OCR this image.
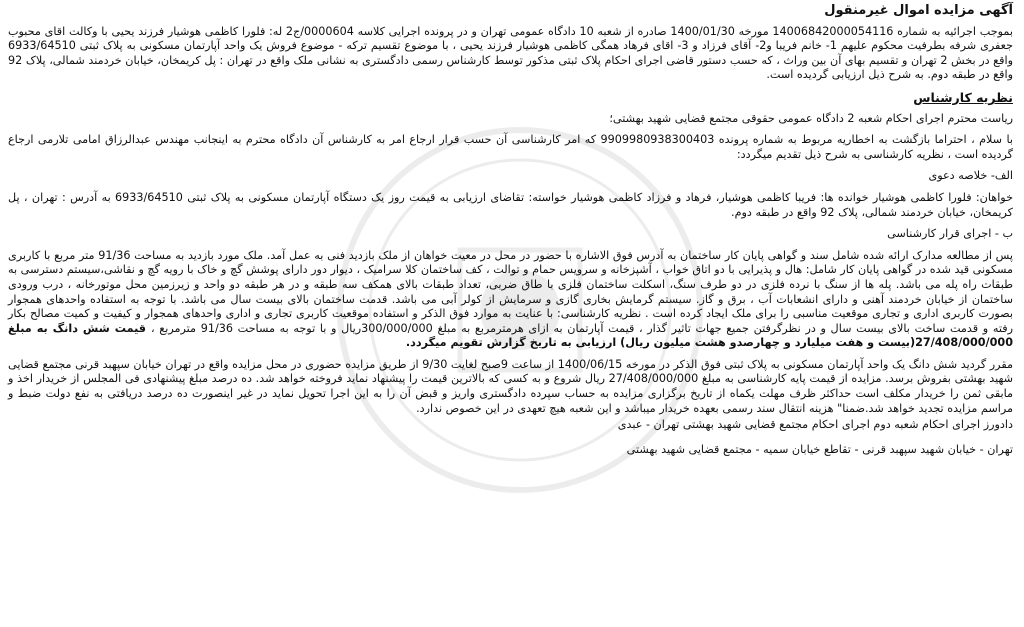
آگهی مزایده اموال غیرمنقول

بموجب اجرائیه به شماره 14006842000054116 مورخه 1400/01/30 صادره از شعبه 10 دادگاه عمومی تهران و در پرونده اجرایی کلاسه 0000604/ج2 له: فلورا کاظمی هوشیار فرزند یحیی با وکالت اقای محبوب جعفری شرفه بطرفیت محکوم علیهم 1- خانم فریبا و2- آقای فرزاد و 3- اقای فرهاد همگی کاظمی هوشیار فرزند یحیی ، با موضوع تقسیم ترکه - موضوع فروش یک واحد آپارتمان مسکونی به پلاک ثبتی 6933/64510 واقع در بخش 2 تهران و تقسیم بهای آن بین وراث ، که حسب دستور قاضی اجرای احکام پلاک ثبتی مذکور توسط کارشناس رسمی دادگستری به نشانی ملک واقع در تهران : پل کریمخان، خیابان خردمند شمالی، پلاک 92 واقع در طبقه دوم. به شرح ذیل ارزیابی گردیده است.

نظریه کارشناس

ریاست محترم اجرای احکام شعبه 2 دادگاه عمومی حقوقی مجتمع قضایی شهید بهشتی؛

با سلام ، احتراما بازگشت به اخطاریه مربوط به شماره پرونده 9909980938300403 که امر کارشناسی آن حسب قرار ارجاع امر به کارشناس آن دادگاه محترم به اینجانب مهندس عبدالرزاق امامی تلارمی ارجاع گردیده است ، نظریه کارشناسی به شرح ذیل تقدیم میگردد:

الف- خلاصه دعوی

خواهان: فلورا کاظمی هوشیار خوانده ها: فریبا کاظمی هوشیار، فرهاد و فرزاد کاظمی هوشیار خواسته: تقاضای ارزیابی به قیمت روز یک دستگاه آپارتمان مسکونی به پلاک ثبتی 6933/64510 به آدرس : تهران ، پل کریمخان، خیابان خردمند شمالی، پلاک 92 واقع در طبقه دوم.

ب - اجرای قرار کارشناسی

پس از مطالعه مدارک ارائه شده شامل سند و گواهی پایان کار ساختمان به آدرس فوق الاشاره با حضور در محل در معیت خواهان از ملک بازدید فنی به عمل آمد. ملک مورد بازدید به مساحت 91/36 متر مربع با کاربری مسکونی قید شده در گواهی پایان کار شامل: هال و پذیرایی با دو اتاق خواب ، آشپزخانه و سرویس حمام و توالت ، کف ساختمان کلا سرامیک ، دیوار دور دارای پوشش گچ و خاک با رویه گچ و نقاشی،سیستم دسترسی به طبقات راه پله می باشد. پله ها از سنگ با نرده فلزی در دو طرف سنگ، اسکلت ساختمان فلزی با طاق ضربی، تعداد طبقات بالای همکف سه طبقه و در هر طبقه دو واحد و زیرزمین محل موتورخانه ، درب ورودی ساختمان از خیابان خردمند آهنی و دارای انشعابات آب ، برق و گاز. سیستم گرمایش بخاری گازی و سرمایش از کولر آبی می باشد. قدمت ساختمان بالای بیست سال می باشد. با توجه به استفاده واحدهای همجوار بصورت کاربری اداری و تجاری موقعیت مناسبی را برای ملک ایجاد کرده است . نظریه کارشناسی: با عنایت به موارد فوق الذکر و استفاده موقعیت کاربری تجاری و اداری واحدهای همجوار و کیفیت و کمیت مصالح بکار رفته و قدمت ساخت بالای بیست سال و در نظرگرفتن جمیع جهات تاثیر گذار ، قیمت آپارتمان به ازای هرمترمربع به مبلغ 300/000/000ریال و با توجه به مساحت 91/36 مترمربع ، قیمت شش دانگ به مبلغ 27/408/000/000(بیست و هفت میلیارد و چهارصدو هشت میلیون ریال) ارزیابی به تاریخ گزارش تقویم میگردد.

مقرر گردید شش دانگ یک واحد آپارتمان مسکونی به پلاک ثبتی فوق الذکر در مورخه 1400/06/15 از ساعت 9صبح لغایت 9/30 از طریق مزایده حضوری در محل مزایده واقع در تهران خیابان سپهبد قرنی مجتمع قضایی شهید بهشتی بفروش برسد. مزایده از قیمت پایه کارشناسی به مبلغ 27/408/000/000 ریال شروع و به کسی که بالاترین قیمت را پیشنهاد نماید فروخته خواهد شد. ده درصد مبلغ پیشنهادی فی المجلس از خریدار اخذ و مابقی ثمن را خریدار مکلف است حداکثر ظرف مهلت یکماه از تاریخ برگزاری مزایده به حساب سپرده دادگستری واریز و قبض آن را به این اجرا تحویل نماید در غیر اینصورت ده درصد دریافتی به نفع دولت ضبط و مراسم مزایده تجدید خواهد شد.ضمنا" هزینه انتقال سند رسمی بعهده خریدار میباشد و این شعبه هیچ تعهدی در این خصوص ندارد.

دادورز اجرای احکام شعبه دوم اجرای احکام مجتمع قضایی شهید بهشتی تهران - عبدی

تهران - خیابان شهید سپهبد قرنی - تقاطع خیابان سمیه - مجتمع قضایی شهید بهشتی
